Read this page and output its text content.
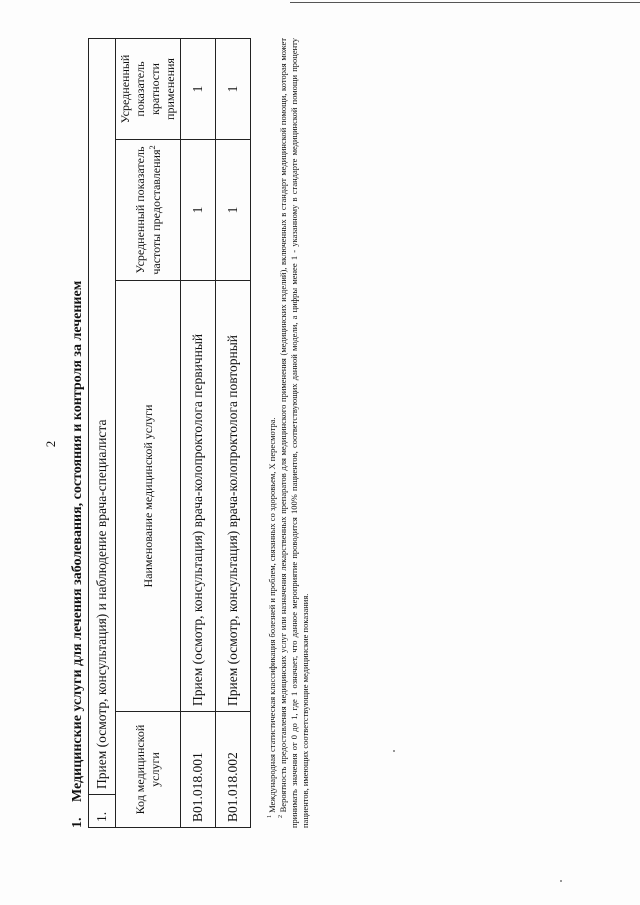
2
1.Медицинские услуги для лечения заболевания, состояния и контроля за лечением
1.	Прием (осмотр, консультация) и наблюдение врача-специалиста			
Код медицинской услуги		Наименование медицинской услуги	Усредненный показатель частоты предоставления$^2$	Усредненный показатель кратности применения
B01.018.001		Прием (осмотр, консультация) врача-колопроктолога первичный	1	1
B01.018.002		Прием (осмотр, консультация) врача-колопроктолога повторный	1	1

$^1$ Международная статистическая классификация болезней и проблем, связанных со здоровьем, X пересмотра.

$^2$ Вероятность предоставления медицинских услуг или назначения лекарственных препаратов для медицинского применения (медицинских изделий), включенных в стандарт медицинской помощи, которая может принимать значения от 0 до 1, где 1 означает, что данное мероприятие проводится 100% пациентов, соответствующих данной модели, а цифры менее 1 - указанному в стандарте медицинской помощи проценту пациентов, имеющих соответствующие медицинские показания.
